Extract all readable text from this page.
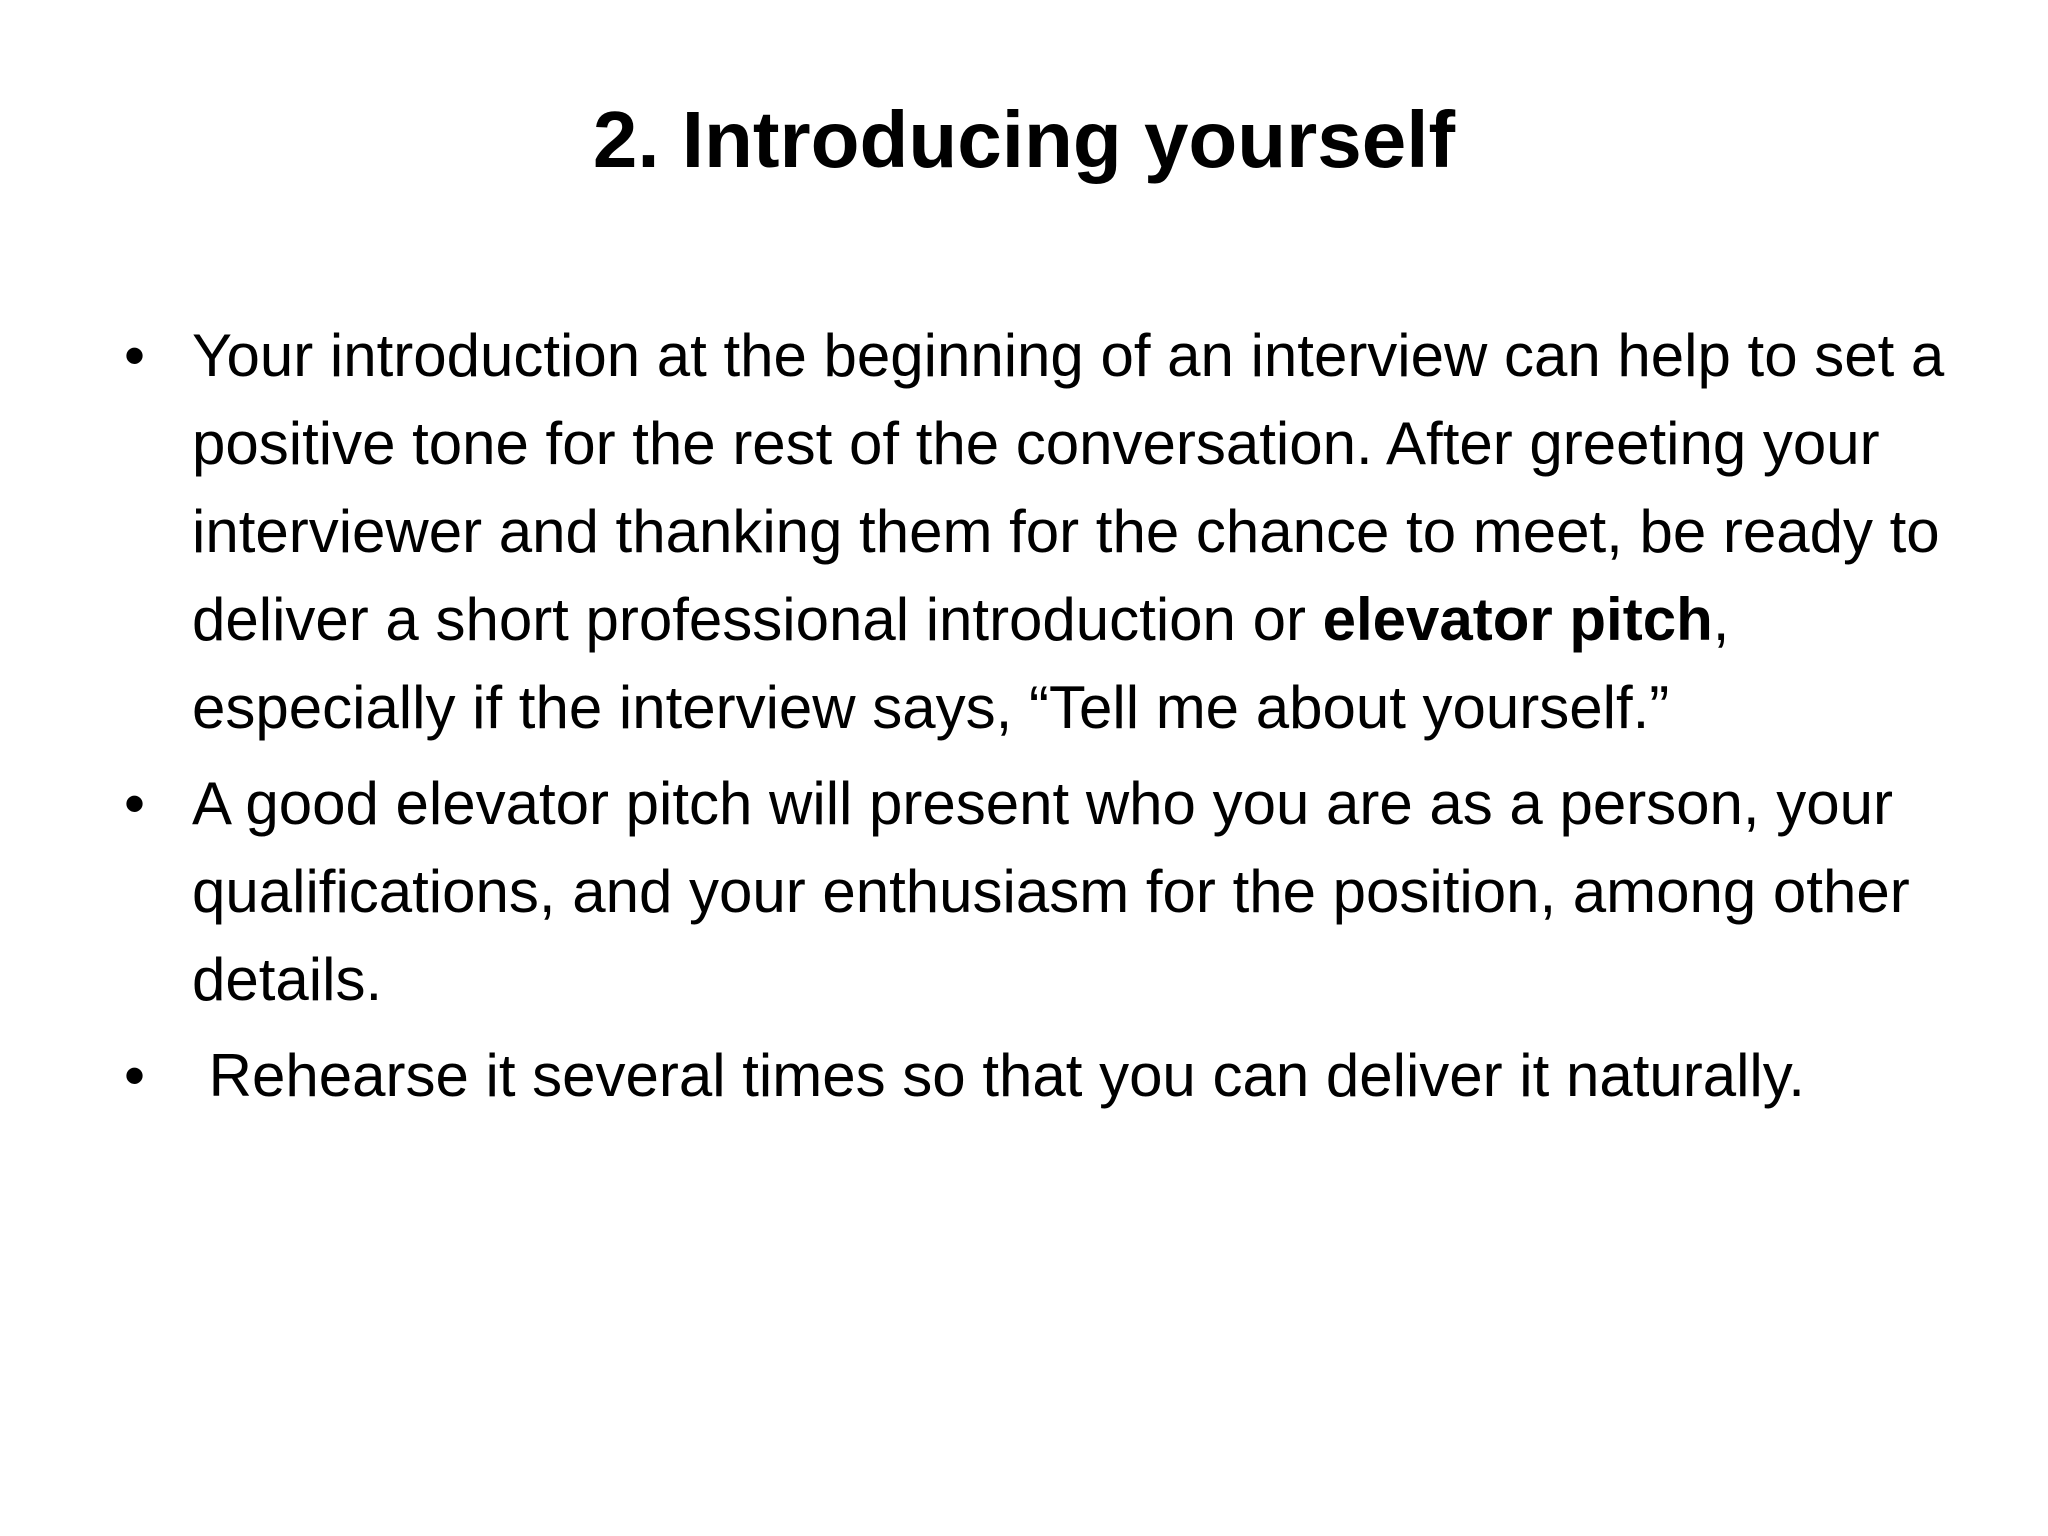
2. Introducing yourself
• Your introduction at the beginning of an interview can help to set a positive tone for the rest of the conversation. After greeting your interviewer and thanking them for the chance to meet, be ready to deliver a short professional introduction or elevator pitch, especially if the interview says, “Tell me about yourself.”
• A good elevator pitch will present who you are as a person, your qualifications, and your enthusiasm for the position, among other details.
• Rehearse it several times so that you can deliver it naturally.
